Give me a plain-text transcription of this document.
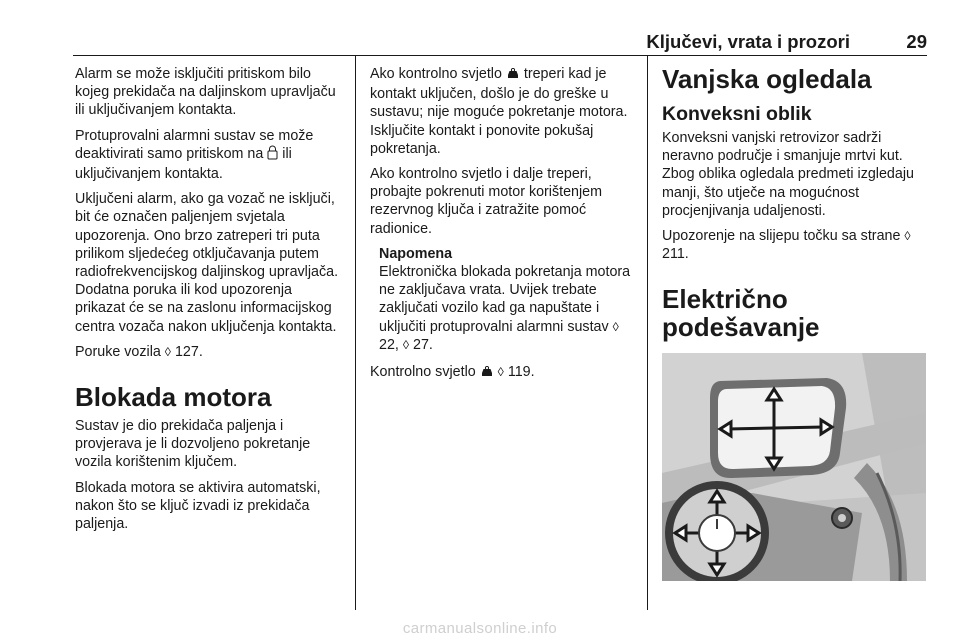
Ključevi, vrata i prozori	29

Alarm se može isključiti pritiskom bilo kojeg prekidača na daljinskom upravljaču ili uključivanjem kontakta.

Protuprovalni alarmni sustav se može deaktivirati samo pritiskom na  ili uključivanjem kontakta.

Uključeni alarm, ako ga vozač ne isključi, bit će označen paljenjem svjetala upozorenja. Ono brzo zatreperi tri puta prilikom sljedećeg otključavanja putem radiofrekvencijskog daljinskog upravljača. Dodatna poruka ili kod upozorenja prikazat će se na zaslonu informacijskog centra vozača nakon uključenja kontakta.

Poruke vozila ◊ 127.

Blokada motora

Sustav je dio prekidača paljenja i provjerava je li dozvoljeno pokretanje vozila korištenim ključem.

Blokada motora se aktivira automatski, nakon što se ključ izvadi iz prekidača paljenja.

Ako kontrolno svjetlo  treperi kad je kontakt uključen, došlo je do greške u sustavu; nije moguće pokretanje motora. Isključite kontakt i ponovite pokušaj pokretanja.

Ako kontrolno svjetlo i dalje treperi, probajte pokrenuti motor korištenjem rezervnog ključa i zatražite pomoć radionice.

Napomena
Elektronička blokada pokretanja motora ne zaključava vrata. Uvijek trebate zaključati vozilo kad ga napuštate i uključiti protuprovalni alarmni sustav ◊ 22, ◊ 27.

Kontrolno svjetlo  ◊ 119.

Vanjska ogledala
Konveksni oblik

Konveksni vanjski retrovizor sadrži neravno područje i smanjuje mrtvi kut. Zbog oblika ogledala predmeti izgledaju manji, što utječe na mogućnost procjenjivanja udaljenosti.

Upozorenje na slijepu točku sa strane ◊ 211.

Električno podešavanje
carmanualsonline.info
